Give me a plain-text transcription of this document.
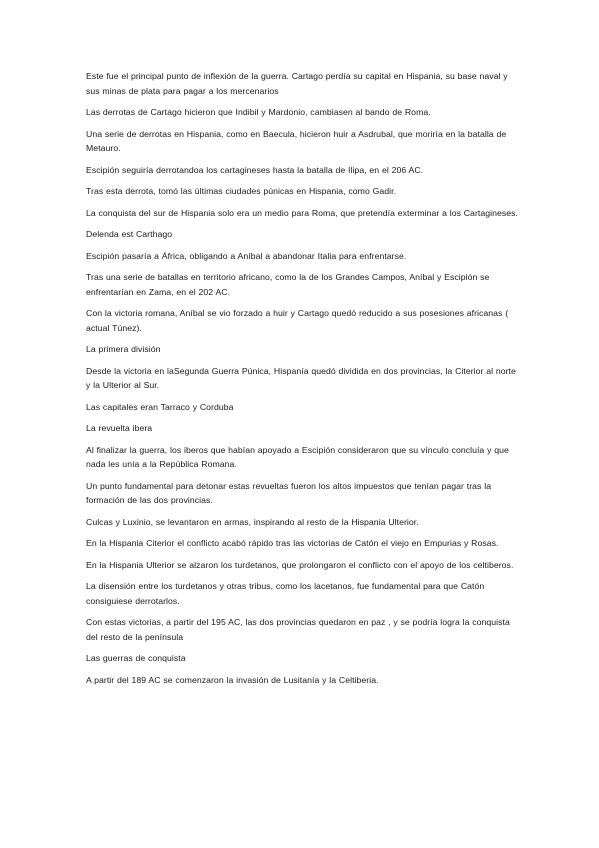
Este fue el principal punto de inflexión de la guerra. Cartago perdía su capital en Hispania, su base naval y sus minas de plata para pagar a los mercenarios

Las derrotas de Cartago hicieron que Indibil y Mardonio, cambiasen al bando de Roma.

Una serie de derrotas en Hispania, como en Baecula, hicieron huir a Asdrubal, que moriría en la batalla de Metauro.

Escipión seguiría derrotandoa los cartagineses hasta la batalla de Ilipa, en el 206 AC.

Tras esta derrota, tomó las últimas ciudades púnicas en Hispania, como Gadir.

La conquista del sur de Hispania solo era un medio para Roma, que pretendía exterminar a los Cartagineses.

Delenda est Carthago

Escipión pasaría a África, obligando a Aníbal a abandonar Italia para enfrentarse.

Tras una serie de batallas en territorio africano, como la de los Grandes Campos, Aníbal y Escipión se enfrentarían en Zama, en el 202 AC.

Con la victoria romana, Aníbal se vio forzado a huir y Cartago quedó reducido a sus posesiones africanas ( actual Túnez).

La primera división

Desde la victoria en laSegunda Guerra Púnica, Hispanía quedó dividida en dos provincias, la Citerior al norte y la Ulterior al Sur.

Las capitales eran Tarraco y Corduba

La revuelta ibera

Al finalizar la guerra, los iberos que habían apoyado a Escipión consideraron que su vínculo concluía y que nada les unía a la República Romana.

Un punto fundamental para detonar estas revueltas fueron los altos impuestos que tenían pagar tras la formación de las dos provincias.

Culcas y Luxinio, se levantaron en armas, inspirando al resto de la Hispania Ulterior.

En la Hispania Citerior el conflicto acabó rápido tras las victorias de Catón el viejo en Empurias y Rosas.

En la Hispania Ulterior se alzaron los turdetanos, que prolongaron el conflicto con el apoyo de los celtiberos.

La disensión entre los turdetanos y otras tribus, como los lacetanos, fue fundamental para que Catón consiguiese derrotarlos.

Con estas victorias, a partir del 195 AC, las dos provincias quedaron en paz , y se podría logra la conquista del resto de la península

Las guerras de conquista

A partir del 189 AC se comenzaron la invasión de Lusitanía y la Celtiberia.
